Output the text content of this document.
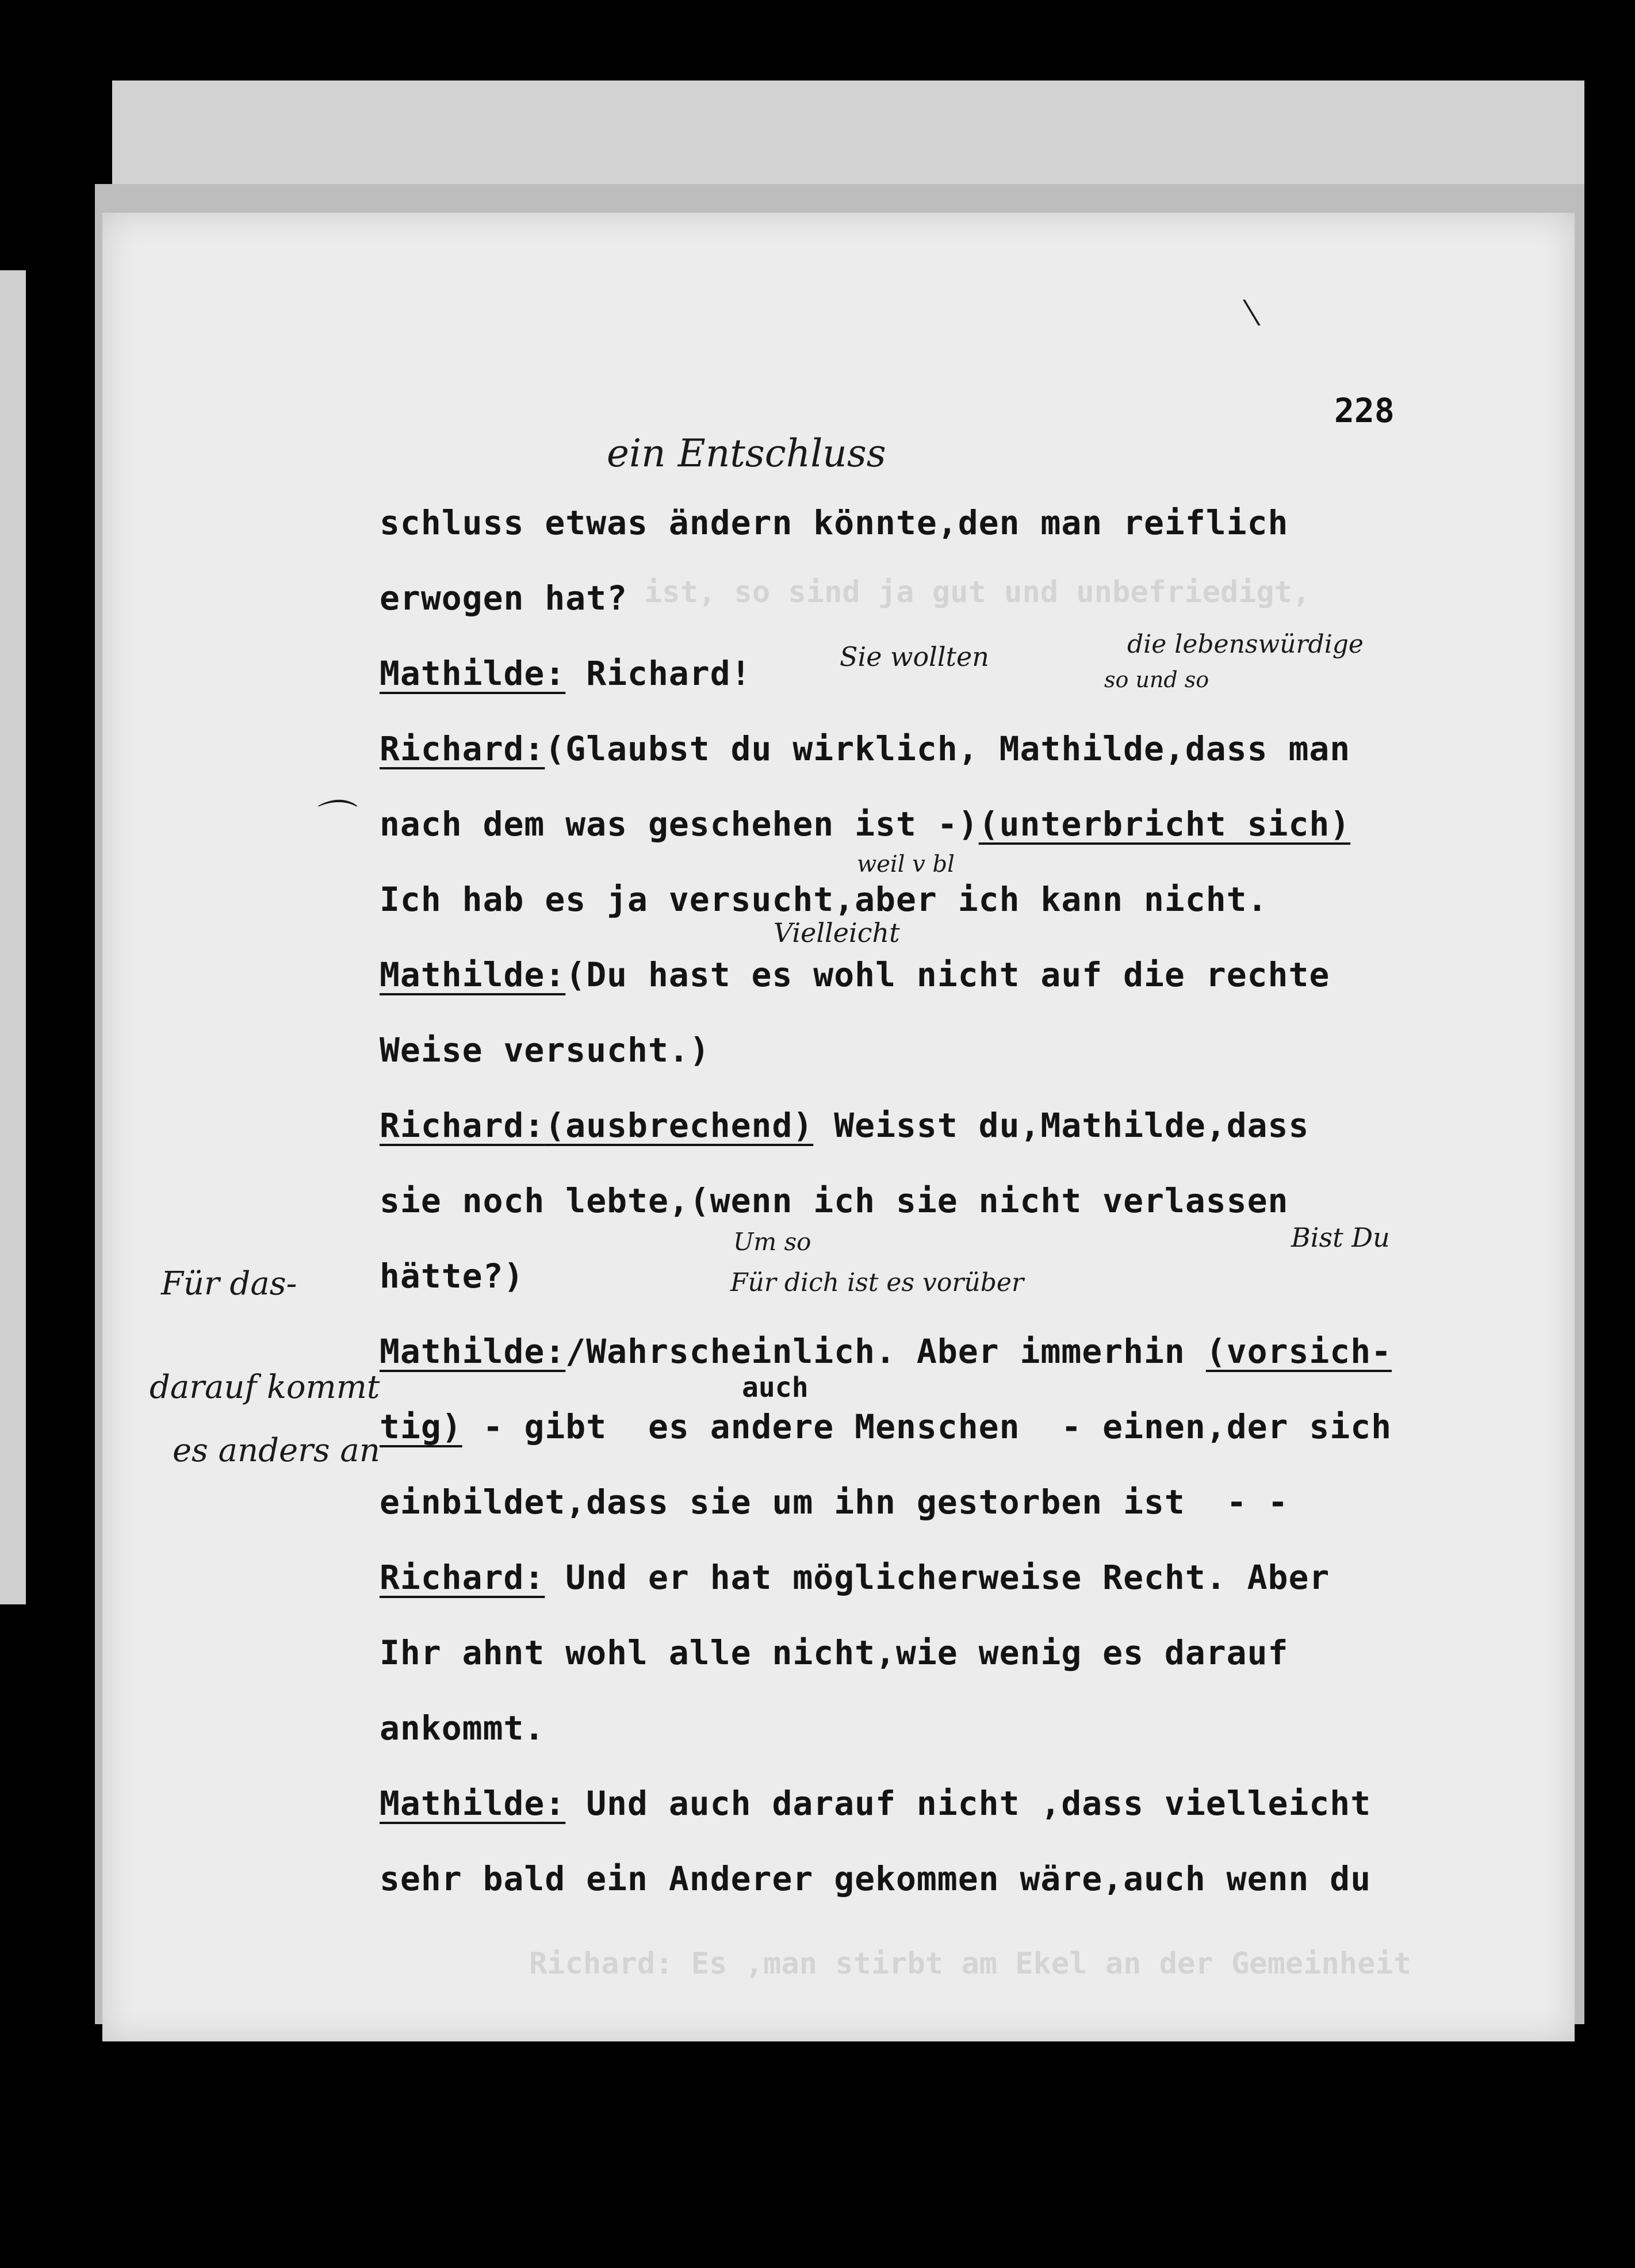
ist, so sind ja gut und unbefriedigt,
Richard: Es ,man stirbt am Ekel an der Gemeinheit
228
schluss etwas ändern könnte,den man reiflich
erwogen hat?
Mathilde: Richard!
Richard:(Glaubst du wirklich, Mathilde,dass man
nach dem was geschehen ist -)(unterbricht sich)
Ich hab es ja versucht,aber ich kann nicht.
Mathilde:(Du hast es wohl nicht auf die rechte
Weise versucht.)
Richard:(ausbrechend) Weisst du,Mathilde,dass
sie noch lebte,(wenn ich sie nicht verlassen
hätte?)
Mathilde:/Wahrscheinlich. Aber immerhin (vorsich-
tig) - gibt  es andere Menschen  - einen,der sich
einbildet,dass sie um ihn gestorben ist  - -
Richard: Und er hat möglicherweise Recht. Aber
Ihr ahnt wohl alle nicht,wie wenig es darauf
ankommt.
Mathilde: Und auch darauf nicht ,dass vielleicht
sehr bald ein Anderer gekommen wäre,auch wenn du
auch
ein Entschluss
Sie wollten	die lebenswürdige
so und so
weil v bl
Vielleicht
Um so
Für dich ist es vorüber
Bist Du
Für das-
darauf kommt
es anders an
⟍
⌒
